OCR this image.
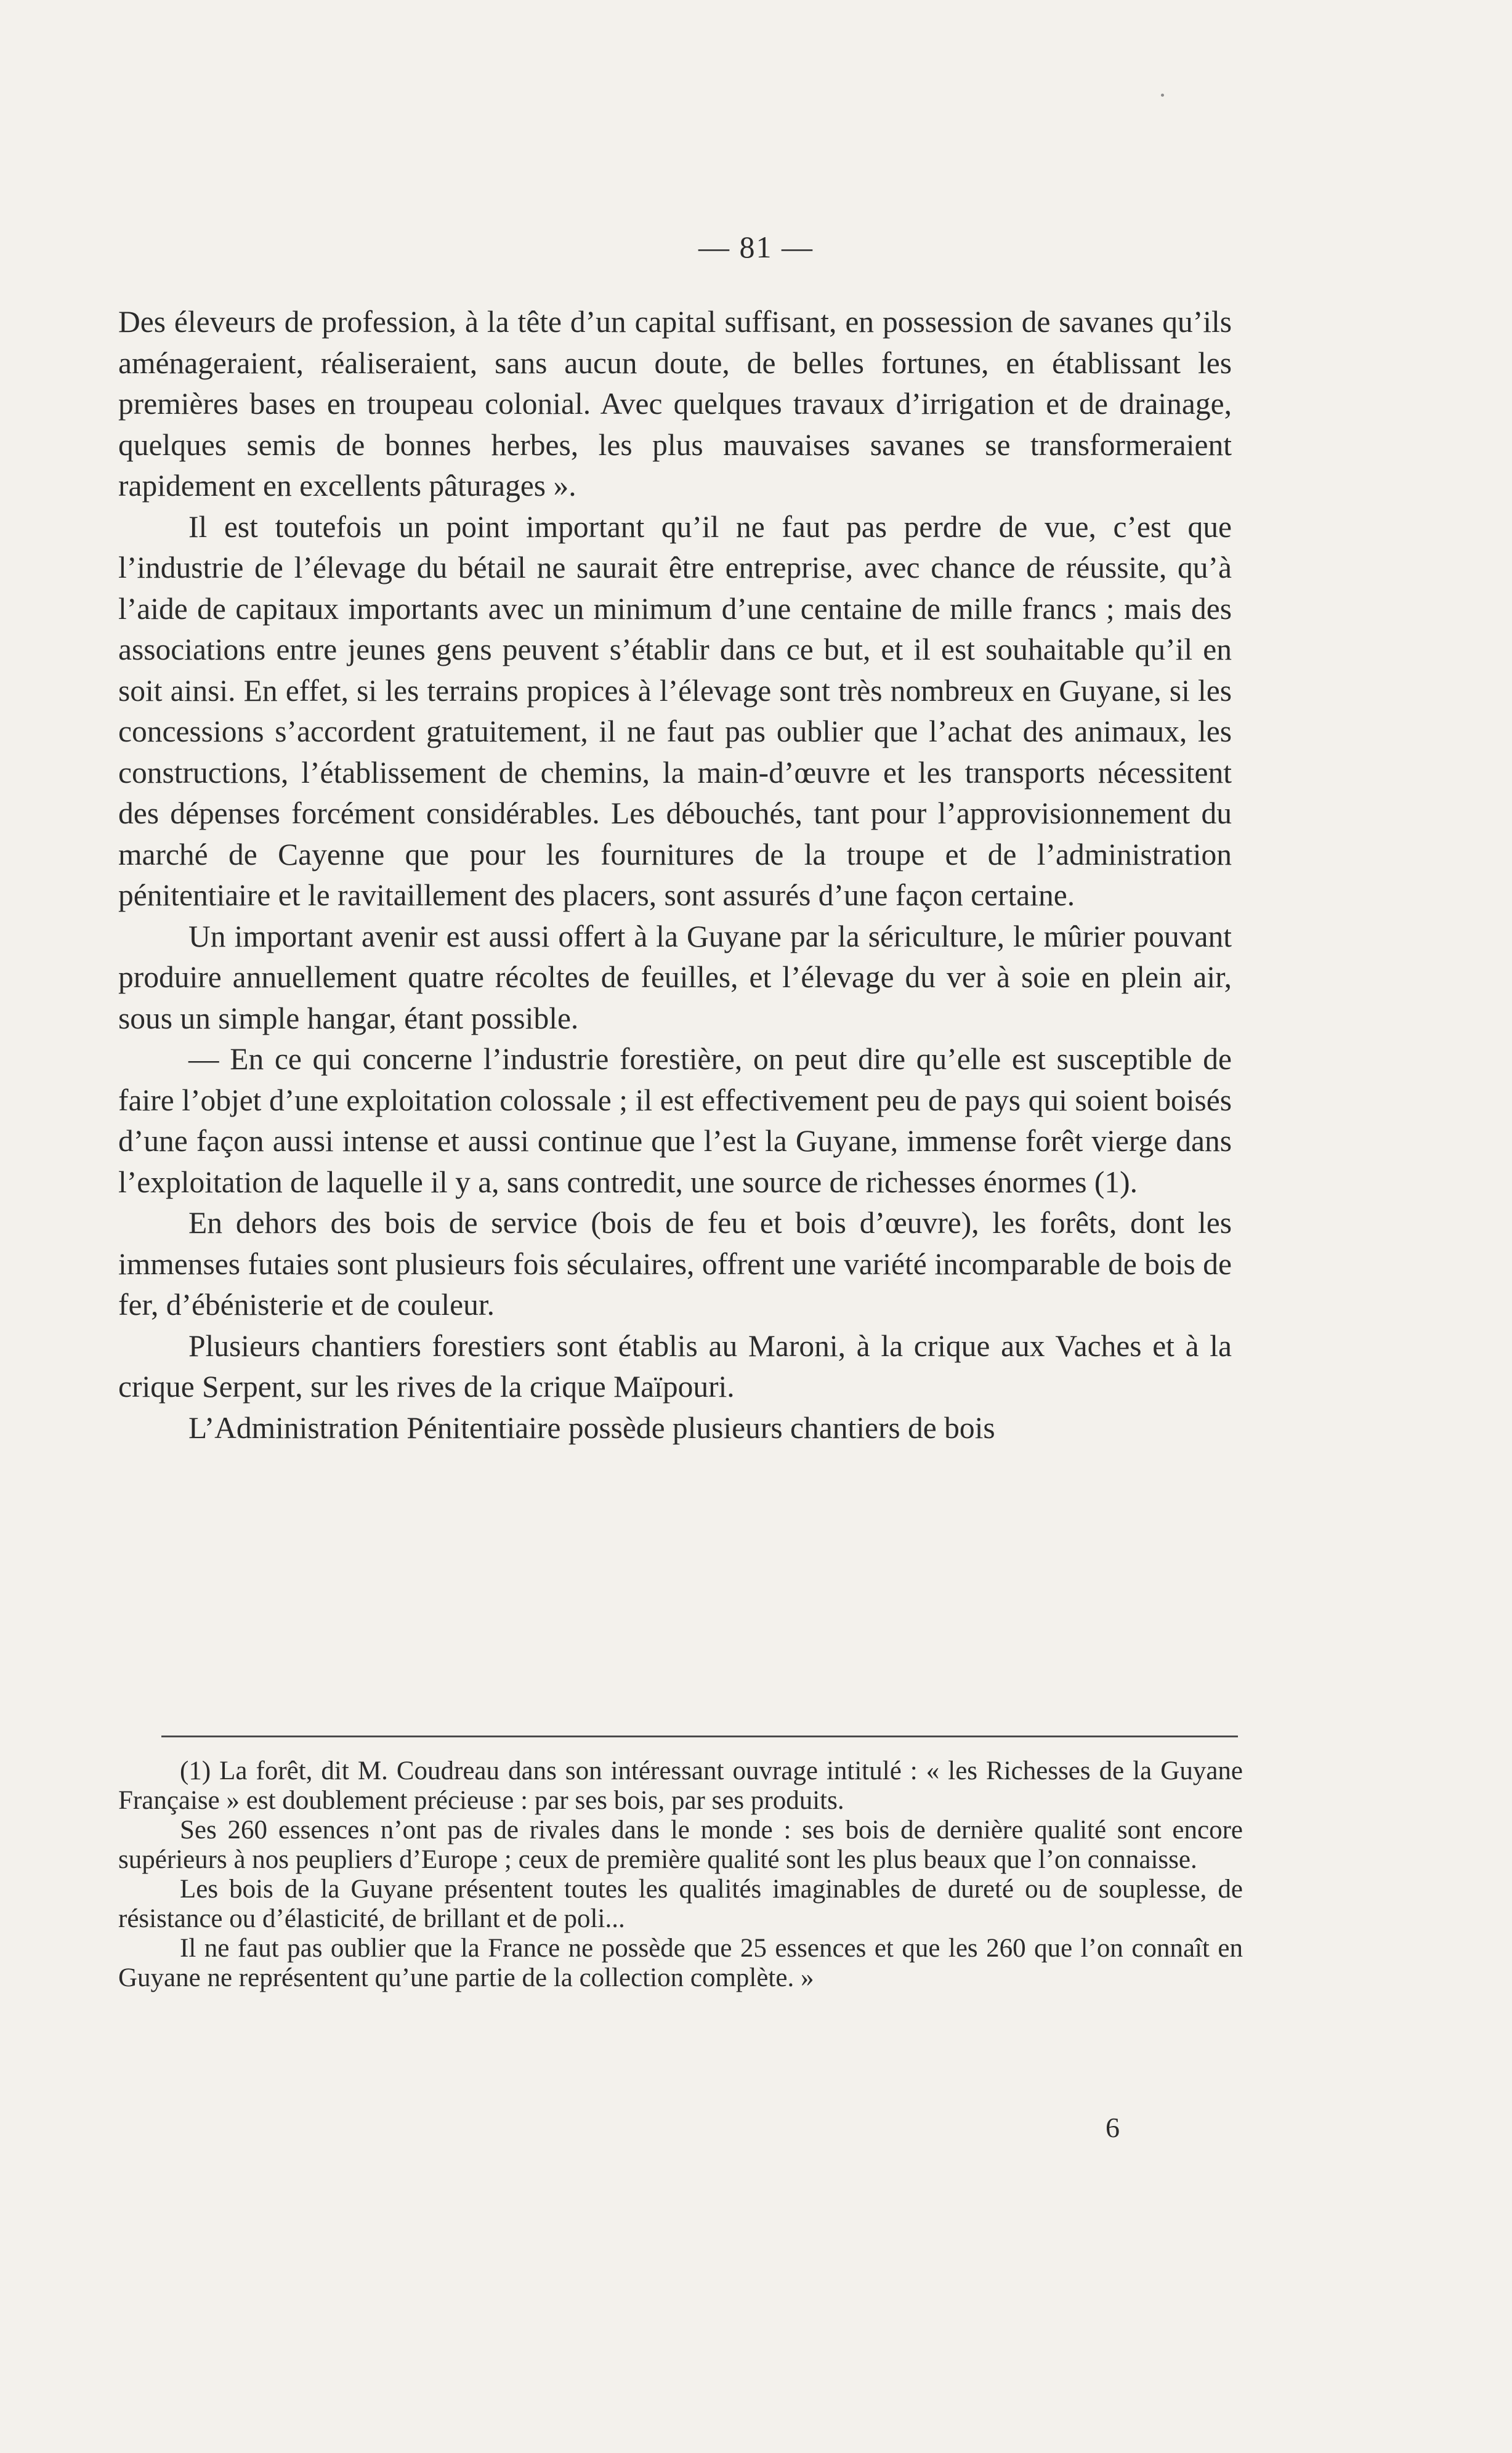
— 81 —

Des éleveurs de profession, à la tête d’un capital suffisant, en possession de savanes qu’ils aménageraient, réaliseraient, sans aucun doute, de belles fortunes, en établissant les premières bases en troupeau colonial. Avec quelques travaux d’irrigation et de drainage, quelques semis de bonnes herbes, les plus mauvaises savanes se transformeraient rapidement en excellents pâturages ».

Il est toutefois un point important qu’il ne faut pas perdre de vue, c’est que l’industrie de l’élevage du bétail ne saurait être entreprise, avec chance de réussite, qu’à l’aide de capitaux importants avec un minimum d’une centaine de mille francs ; mais des associations entre jeunes gens peuvent s’établir dans ce but, et il est souhaitable qu’il en soit ainsi. En effet, si les terrains propices à l’élevage sont très nombreux en Guyane, si les concessions s’accordent gratuitement, il ne faut pas oublier que l’achat des animaux, les constructions, l’établissement de chemins, la main-d’œuvre et les transports nécessitent des dépenses forcément considérables. Les débouchés, tant pour l’approvisionnement du marché de Cayenne que pour les fournitures de la troupe et de l’administration pénitentiaire et le ravitaillement des placers, sont assurés d’une façon certaine.

Un important avenir est aussi offert à la Guyane par la sériculture, le mûrier pouvant produire annuellement quatre récoltes de feuilles, et l’élevage du ver à soie en plein air, sous un simple hangar, étant possible.

— En ce qui concerne l’industrie forestière, on peut dire qu’elle est susceptible de faire l’objet d’une exploitation colossale ; il est effectivement peu de pays qui soient boisés d’une façon aussi intense et aussi continue que l’est la Guyane, immense forêt vierge dans l’exploitation de laquelle il y a, sans contredit, une source de richesses énormes (1).

En dehors des bois de service (bois de feu et bois d’œuvre), les forêts, dont les immenses futaies sont plusieurs fois séculaires, offrent une variété incomparable de bois de fer, d’ébénisterie et de couleur.

Plusieurs chantiers forestiers sont établis au Maroni, à la crique aux Vaches et à la crique Serpent, sur les rives de la crique Maïpouri.

L’Administration Pénitentiaire possède plusieurs chantiers de bois

(1) La forêt, dit M. Coudreau dans son intéressant ouvrage intitulé : « les Richesses de la Guyane Française » est doublement précieuse : par ses bois, par ses produits.

Ses 260 essences n’ont pas de rivales dans le monde : ses bois de dernière qualité sont encore supérieurs à nos peupliers d’Europe ; ceux de première qualité sont les plus beaux que l’on connaisse.

Les bois de la Guyane présentent toutes les qualités imaginables de dureté ou de souplesse, de résistance ou d’élasticité, de brillant et de poli...

Il ne faut pas oublier que la France ne possède que 25 essences et que les 260 que l’on connaît en Guyane ne représentent qu’une partie de la collection complète. »

6
